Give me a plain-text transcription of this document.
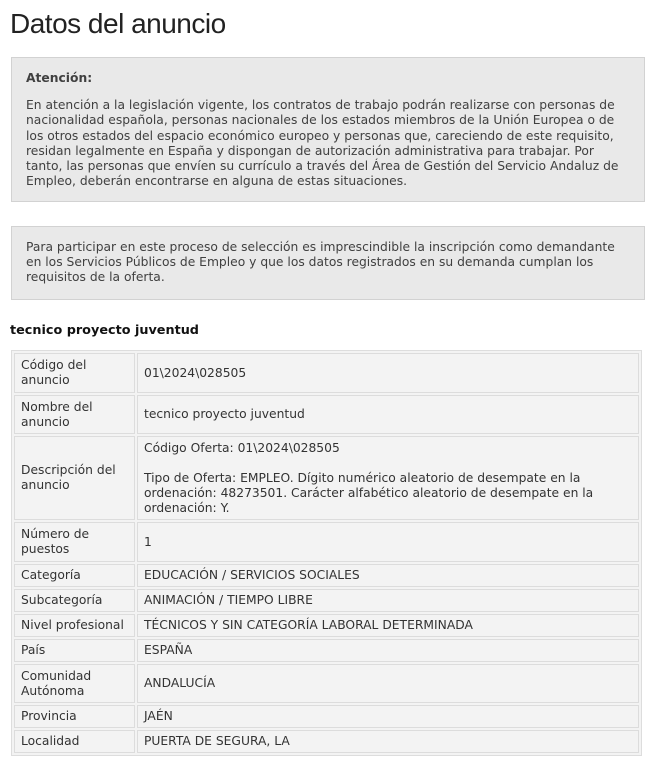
Datos del anuncio
Atención:
En atención a la legislación vigente, los contratos de trabajo podrán realizarse con personas de nacionalidad española, personas nacionales de los estados miembros de la Unión Europea o de los otros estados del espacio económico europeo y personas que, careciendo de este requisito, residan legalmente en España y dispongan de autorización administrativa para trabajar. Por tanto, las personas que envíen su currículo a través del Área de Gestión del Servicio Andaluz de Empleo, deberán encontrarse en alguna de estas situaciones.
Para participar en este proceso de selección es imprescindible la inscripción como demandante en los Servicios Públicos de Empleo y que los datos registrados en su demanda cumplan los requisitos de la oferta.
tecnico proyecto juventud
Código del anuncio	01\2024\028505
Nombre del anuncio	tecnico proyecto juventud
Descripción del anuncio	Código Oferta: 01\2024\028505
Tipo de Oferta: EMPLEO. Dígito numérico aleatorio de desempate en la ordenación: 48273501. Carácter alfabético aleatorio de desempate en la ordenación: Y.

Número de puestos	1
Categoría	EDUCACIÓN / SERVICIOS SOCIALES
Subcategoría	ANIMACIÓN / TIEMPO LIBRE
Nivel profesional	TÉCNICOS Y SIN CATEGORÍA LABORAL DETERMINADA
País	ESPAÑA
Comunidad Autónoma	ANDALUCÍA
Provincia	JAÉN
Localidad	PUERTA DE SEGURA, LA
